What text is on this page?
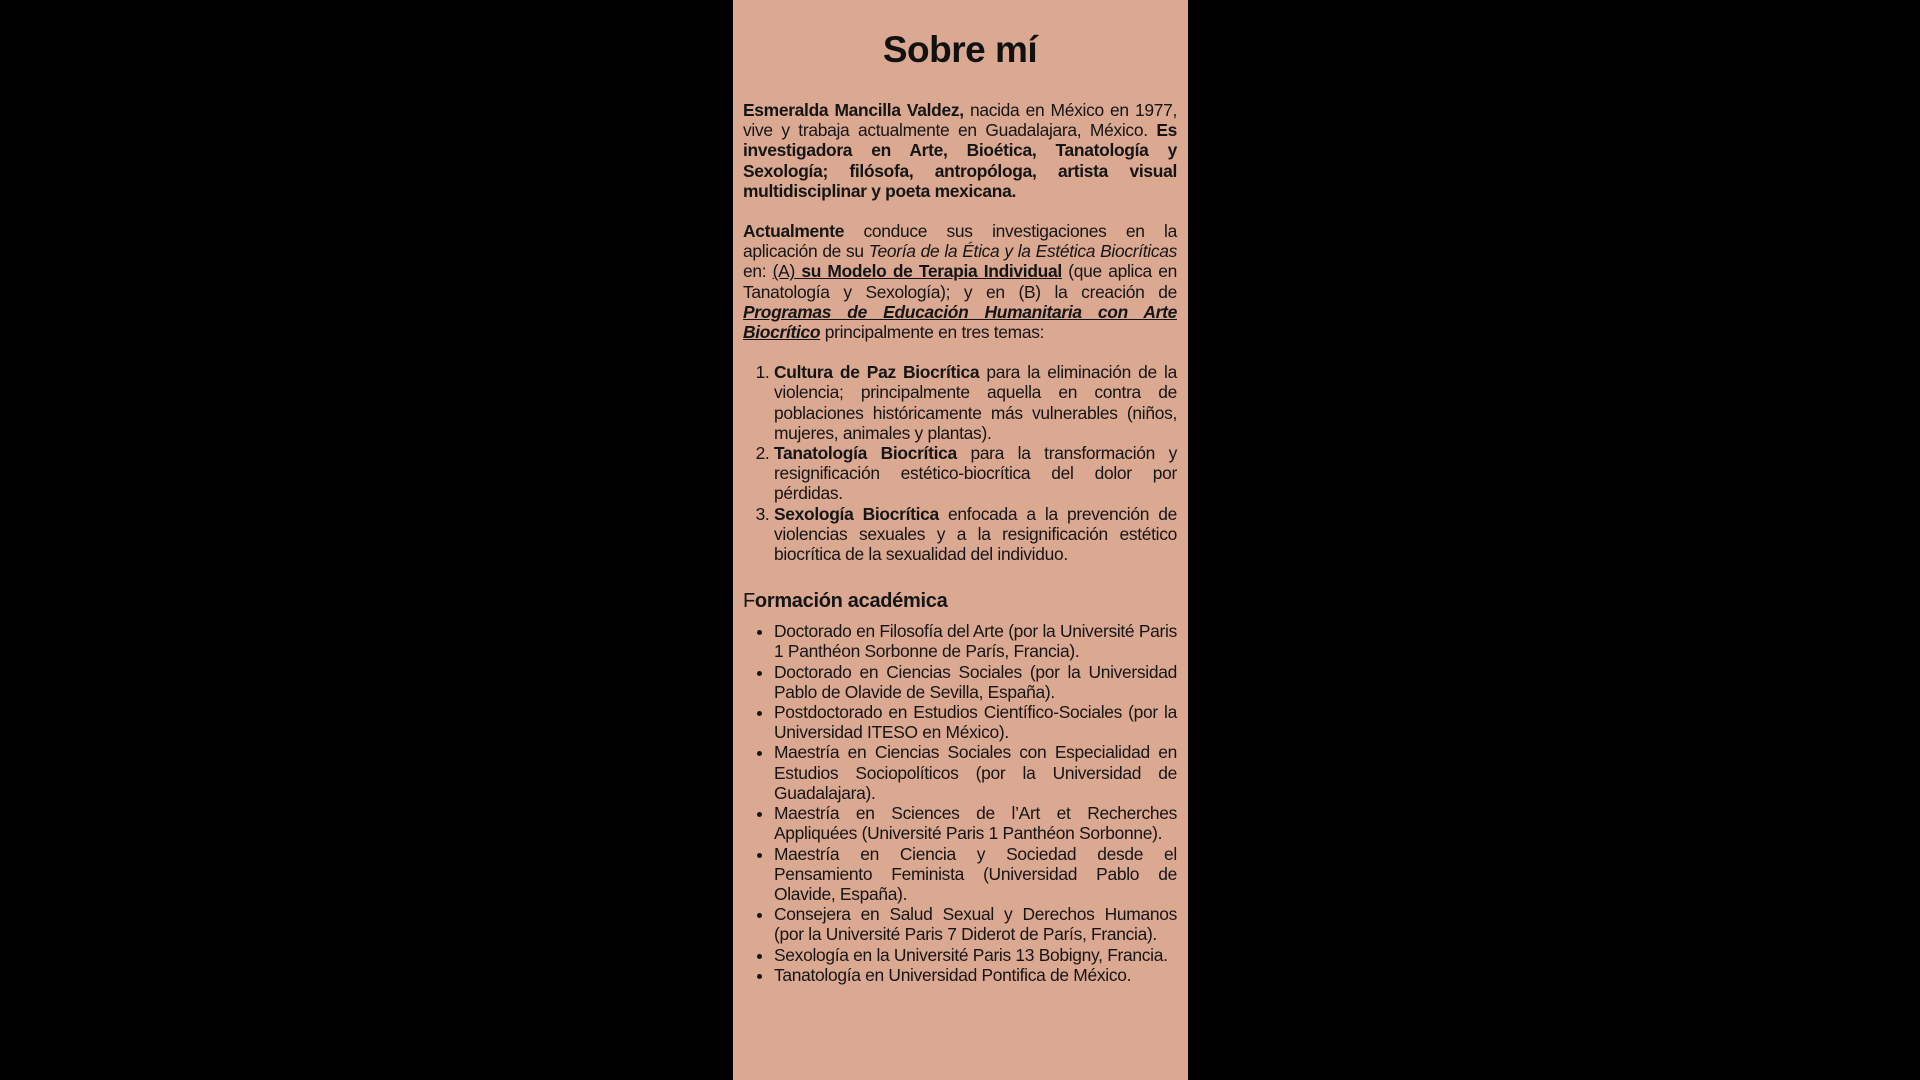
Sobre mí

Esmeralda Mancilla Valdez, nacida en México en 1977, vive y trabaja actualmente en Guadalajara, México. Es investigadora en Arte, Bioética, Tanatología y Sexología; filósofa, antropóloga, artista visual multidisciplinar y poeta mexicana.

Actualmente conduce sus investigaciones en la aplicación de su Teoría de la Ética y la Estética Biocríticas en: (A) su Modelo de Terapia Individual (que aplica en Tanatología y Sexología); y en (B) la creación de Programas de Educación Humanitaria con Arte Biocrítico principalmente en tres temas:

1. Cultura de Paz Biocrítica para la eliminación de la violencia; principalmente aquella en contra de poblaciones históricamente más vulnerables (niños, mujeres, animales y plantas).
2. Tanatología Biocrítica para la transformación y resignificación estético-biocrítica del dolor por pérdidas.
3. Sexología Biocrítica enfocada a la prevención de violencias sexuales y a la resignificación estético biocrítica de la sexualidad del individuo.
Formación académica
• Doctorado en Filosofía del Arte (por la Université Paris 1 Panthéon Sorbonne de París, Francia).
• Doctorado en Ciencias Sociales (por la Universidad Pablo de Olavide de Sevilla, España).
• Postdoctorado en Estudios Científico-Sociales (por la Universidad ITESO en México).
• Maestría en Ciencias Sociales con Especialidad en Estudios Sociopolíticos (por la Universidad de Guadalajara).
• Maestría en Sciences de l’Art et Recherches Appliquées (Université Paris 1 Panthéon Sorbonne).
• Maestría en Ciencia y Sociedad desde el Pensamiento Feminista (Universidad Pablo de Olavide, España).
• Consejera en Salud Sexual y Derechos Humanos (por la Université Paris 7 Diderot de París, Francia).
• Sexología en la Université Paris 13 Bobigny, Francia.
• Tanatología en Universidad Pontifica de México.
